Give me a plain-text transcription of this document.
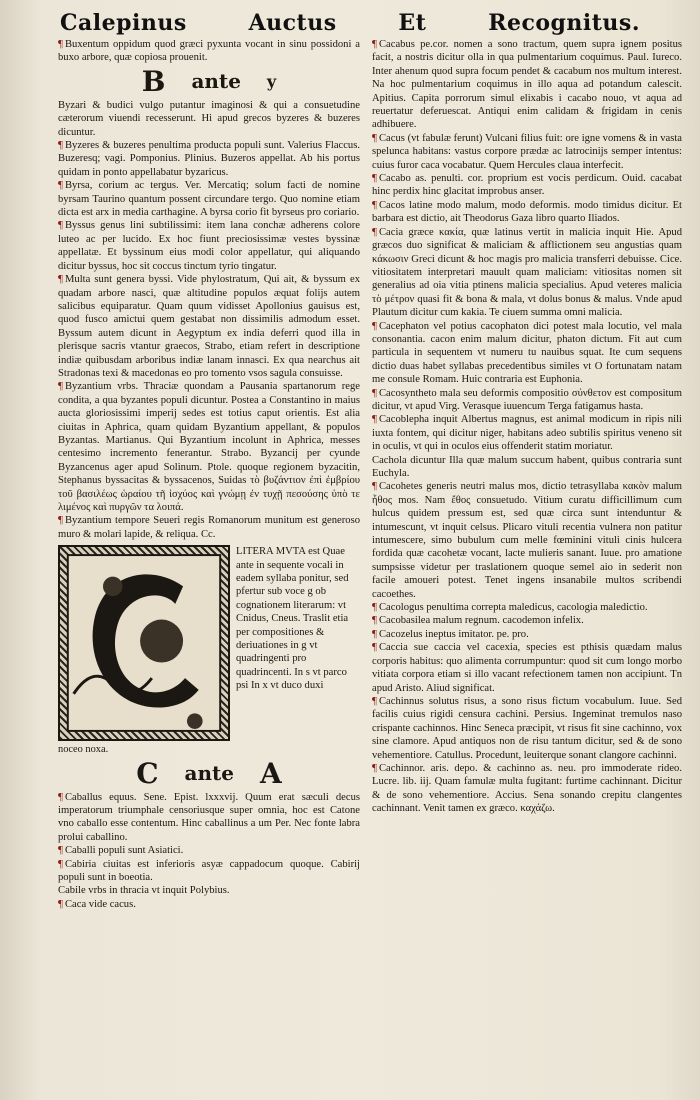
Calepinus	Auctus	Et	Recognitus.

¶ Buxentum oppidum quod græci pyxunta vocant in sinu possidoni a buxo arbore, quæ copiosa prouenit.

B ante y

Byzari & budici vulgo putantur imaginosi & qui a consuetudine cæterorum viuendi recesserunt. Hi apud grecos byzeres & buzeres dicuntur.

¶ Byzeres & buzeres penultima producta populi sunt. Valerius Flaccus. Buzeresq; vagi. Pomponius. Plinius. Buzeros appellat. Ab his portus quidam in ponto appellabatur byzaricus.

¶ Byrsa, corium ac tergus. Ver. Mercatiq; solum facti de nomine byrsam Taurino quantum possent circundare tergo. Quo nomine etiam dicta est arx in media carthagine. A byrsa corio fit byrseus pro coriario.

¶ Byssus genus lini subtilissimi: item lana conchæ adherens colore luteo ac per lucido. Ex hoc fiunt preciosissimæ vestes byssinæ appellatæ. Et byssinum eius modi color appellatur, qui aliquando dicitur byssus, hoc sit coccus tinctum tyrio tingatur.

¶ Multa sunt genera byssi. Vide phylostratum, Qui ait, & byssum ex quadam arbore nasci, quæ altitudine populos æquat folijs autem salicibus equiparatur. Quam quum vidisset Apollonius gauisus est, quod fusco amictui quem gestabat non dissimilis admodum esset. Byssum autem dicunt in Aegyptum ex india deferri quod illa in plerisque sacris vtantur graecos, Strabo, etiam refert in descriptione indiæ quibusdam arboribus indiæ lanam innasci. Ex qua nearchus ait Stradonas texi & macedonas eo pro tomento vsos sagula consuisse.

¶ Byzantium vrbs. Thraciæ quondam a Pausania spartanorum rege condita, a qua byzantes populi dicuntur. Postea a Constantino in maius aucta gloriosissimi imperij sedes est totius caput orientis. Est alia ciuitas in Aphrica, quam quidam Byzantium appellant, & populos Byzantas. Martianus. Qui Byzantium incolunt in Aphrica, messes centesimo incremento fenerantur. Strabo. Byzancij per cyunde Byzancenus ager apud Solinum. Ptole. quoque regionem byzacitin, Stephanus byssacitas & byssacenos, Suidas τὸ βυζάντιον ἐπὶ ἐμβρίου τοῦ βασιλέως ὡραίου τῆ ἰσχύος καὶ γνώμῃ ἐν τυχῇ πεσούσης ὑπὸ τε λιμένος καὶ πυργῶν τα λοιπά.

¶ Byzantium tempore Seueri regis Romanorum munitum est generoso muro & molari lapide, & reliqua. Cc.

LITERA MVTA est Quae ante in sequente vocali in eadem syllaba ponitur, sed pfertur sub voce g ob cognationem literarum: vt Cnidus, Cneus. Traslit etia per compositiones & deriuationes in g vt quadringenti pro quadrincenti. In s vt parco psi In x vt duco duxi

noceo noxa.

C ante A

¶ Caballus equus. Sene. Epist. lxxxvij. Quum erat sæculi decus imperatorum triumphale censoriusque super omnia, hoc est Catone vno caballo esse contentum. Hinc caballinus a um Per. Nec fonte labra prolui caballino.

¶ Caballi populi sunt Asiatici.

¶ Cabiria ciuitas est inferioris asyæ cappadocum quoque. Cabirij populi sunt in boeotia.

Cabile vrbs in thracia vt inquit Polybius.

¶ Caca vide cacus.

¶ Cacabus pe.cor. nomen a sono tractum, quem supra ignem positus facit, a nostris dicitur olla in qua pulmentarium coquimus. Paul. Iureco. Inter ahenum quod supra focum pendet & cacabum nos multum interest. Na hoc pulmentarium coquimus in illo aqua ad potandum calescit. Apitius. Capita porrorum simul elixabis i cacabo nouo, vt aqua ad reuertatur deferuescat. Antiqui enim calidam & frigidam in cenis adhibuere.

¶ Cacus (vt fabulæ ferunt) Vulcani filius fuit: ore igne vomens & in vasta spelunca habitans: vastus corpore prædæ ac latrocinijs semper intentus: cuius furor caca vocabatur. Quem Hercules claua interfecit.

¶ Cacabo as. penulti. cor. proprium est vocis perdicum. Ouid. cacabat hinc perdix hinc glacitat improbus anser.

¶ Cacos latine modo malum, modo deformis. modo timidus dicitur. Et barbara est dictio, ait Theodorus Gaza libro quarto Iliados.

¶ Cacia græce κακία, quæ latinus vertit in malicia inquit Hie. Apud græcos duo significat & maliciam & afflictionem seu angustias quam κάκωσιν Greci dicunt & hoc magis pro malicia transferri debuisse. Cice. vitiositatem interpretari mauult quam maliciam: vitiositas nomen sit generalius ad oia vitia ptinens malicia specialius. Apud veteres malicia τὸ μέτρον quasi fit & bona & mala, vt dolus bonus & malus. Vnde apud Plautum dicitur cum kakia. Te ciuem summa omni malicia.

¶ Cacephaton vel potius cacophaton dici potest mala locutio, vel mala consonantia. cacon enim malum dicitur, phaton dictum. Fit aut cum particula in sequentem vt numeru tu nauibus squat. Ite cum sequens dictio duas habet syllabas precedentibus similes vt O fortunatam natam me consule Romam. Huic contraria est Euphonia.

¶ Cacosyntheto mala seu deformis compositio σύνθετον est compositum dicitur, vt apud Virg. Verasque iuuencum Terga fatigamus hasta.

¶ Cacoblepha inquit Albertus magnus, est animal modicum in ripis nili iuxta fontem, qui dicitur niger, habitans adeo subtilis spiritus veneno sit in oculis, vt qui in oculos eius offenderit statim moriatur.

Cachola dicuntur Illa quæ malum succum habent, quibus contraria sunt Euchyla.

¶ Cacohetes generis neutri malus mos, dictio tetrasyllaba κακὸν malum ἦθος mos. Nam ἔθος consuetudo. Vitium curatu difficillimum cum hulcus quidem pressum est, sed quæ circa sunt intenduntur & intumescunt, vt inquit celsus. Plicaro vituli recentia vulnera non patitur intumescere, simo bubulum cum melle fœminini vituli cinis hulcera fordida quæ cacohetæ vocant, lacte mulieris sanant. Iuue. pro amatione sumpsisse videtur per traslationem quoque semel aio in sederit non facile amoueri potest. Tenet ingens insanabile multos scribendi cacoethes.

¶ Cacologus penultima correpta maledicus, cacologia maledictio.

¶ Cacobasilea malum regnum. cacodemon infelix.

¶ Cacozelus ineptus imitator. pe. pro.

¶ Caccia sue caccia vel cacexia, species est pthisis quædam malus corporis habitus: quo alimenta corrumpuntur: quod sit cum longo morbo vitiata corpora etiam si illo vacant refectionem tamen non accipiunt. Tn apud Aristo. Aliud significat.

¶ Cachinnus solutus risus, a sono risus fictum vocabulum. Iuue. Sed facilis cuius rigidi censura cachini. Persius. Ingeminat tremulos naso crispante cachinnos. Hinc Seneca præcipit, vt risus fit sine cachinno, vox sine clamore. Apud antiquos non de risu tantum dicitur, sed & de sono vehementiore. Catullus. Procedunt, leuiterque sonant clangore cachinni.

¶ Cachinnor. aris. depo. & cachinno as. neu. pro immoderate rideo. Lucre. lib. iij. Quam famulæ multa fugitant: furtime cachinnant. Dicitur & de sono vehementiore. Accius. Sena sonando crepitu clangentes cachinnant. Venit tamen ex græco. καχάζω.
